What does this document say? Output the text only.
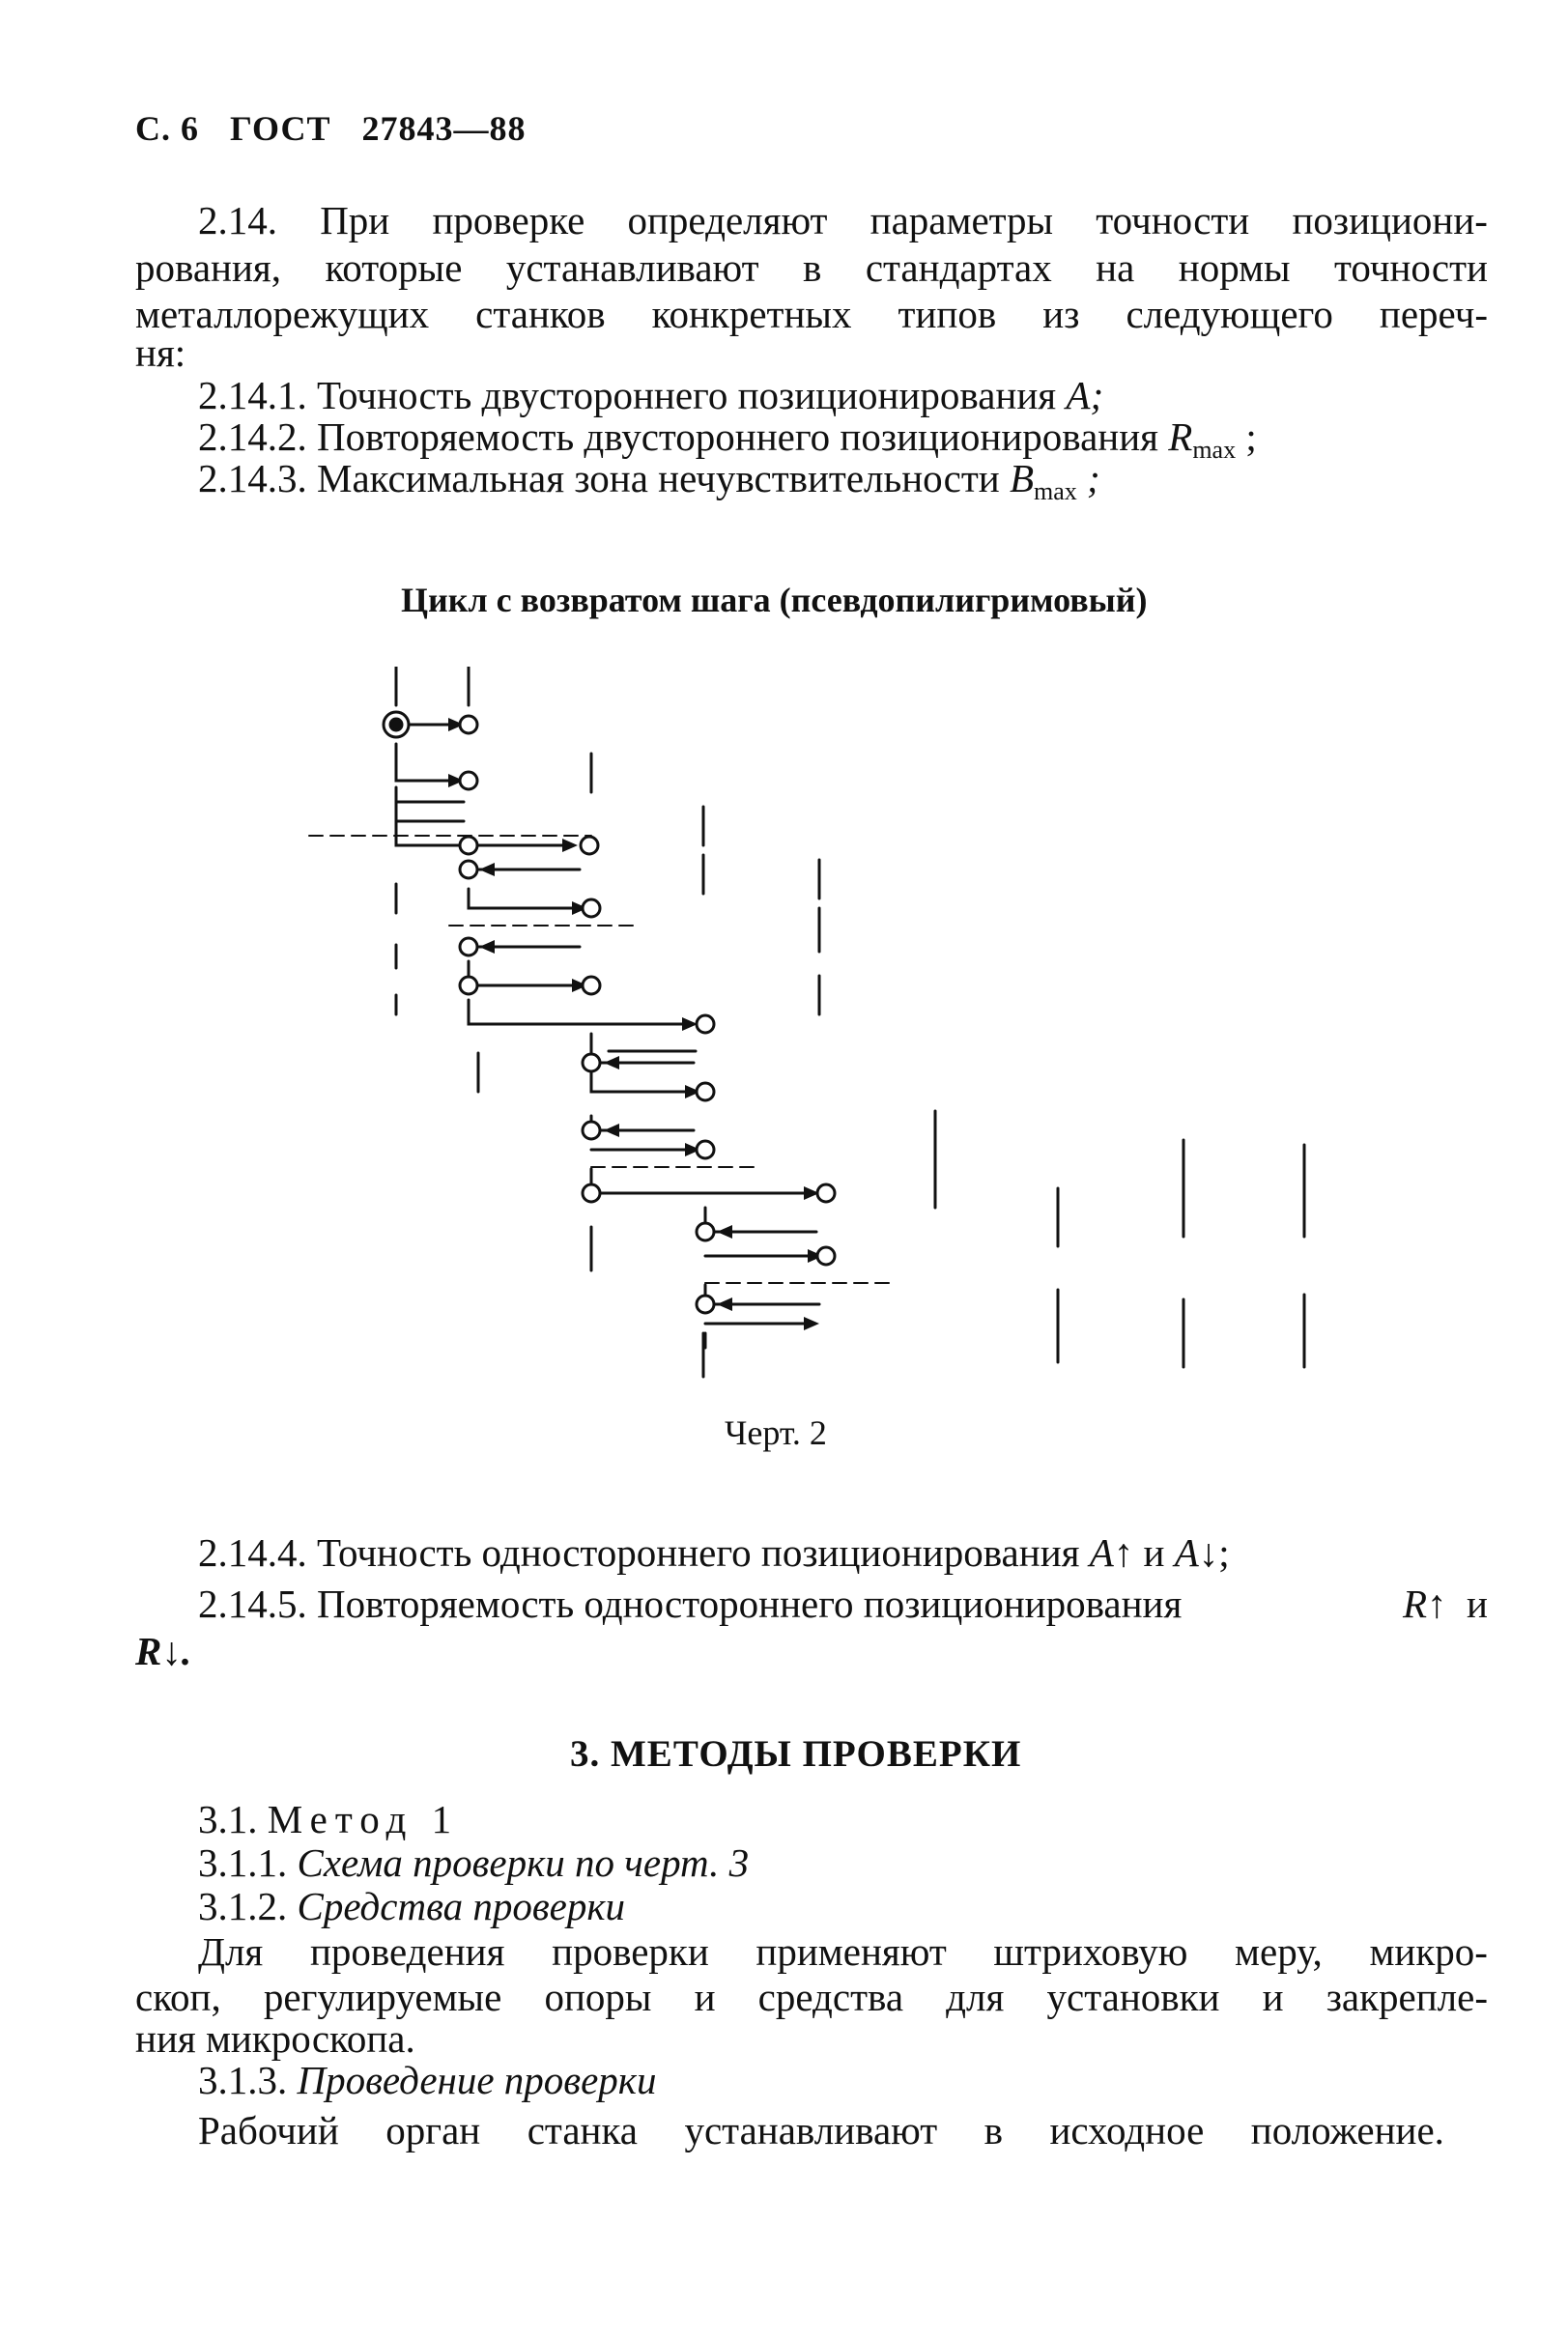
С. 6 ГОСТ 27843—88
2.14. При проверке определяют параметры точности позициони-
рования, которые устанавливают в стандартах на нормы точности
металлорежущих станков конкретных типов из следующего переч-
ня:
2.14.1. Точность двустороннего позиционирования A;
2.14.2. Повторяемость двустороннего позиционирования $R_{max}$ ;
2.14.3. Максимальная зона нечувствительности $B_{max}$ ;
Цикл с возвратом шага (псевдопилигримовый)
Черт. 2
2.14.4. Точность одностороннего позиционирования A↑ и A↓;
2.14.5. Повторяемость одностороннего позиционирования	R↑ и
R↓.
3. МЕТОДЫ ПРОВЕРКИ
3.1. Метод 1
3.1.1. Схема проверки по черт. 3
3.1.2. Средства проверки
Для проведения проверки применяют штриховую меру, микро-
скоп, регулируемые опоры и средства для установки и закрепле-
ния микроскопа.
3.1.3. Проведение проверки
Рабочий орган станка устанавливают в исходное положение.
